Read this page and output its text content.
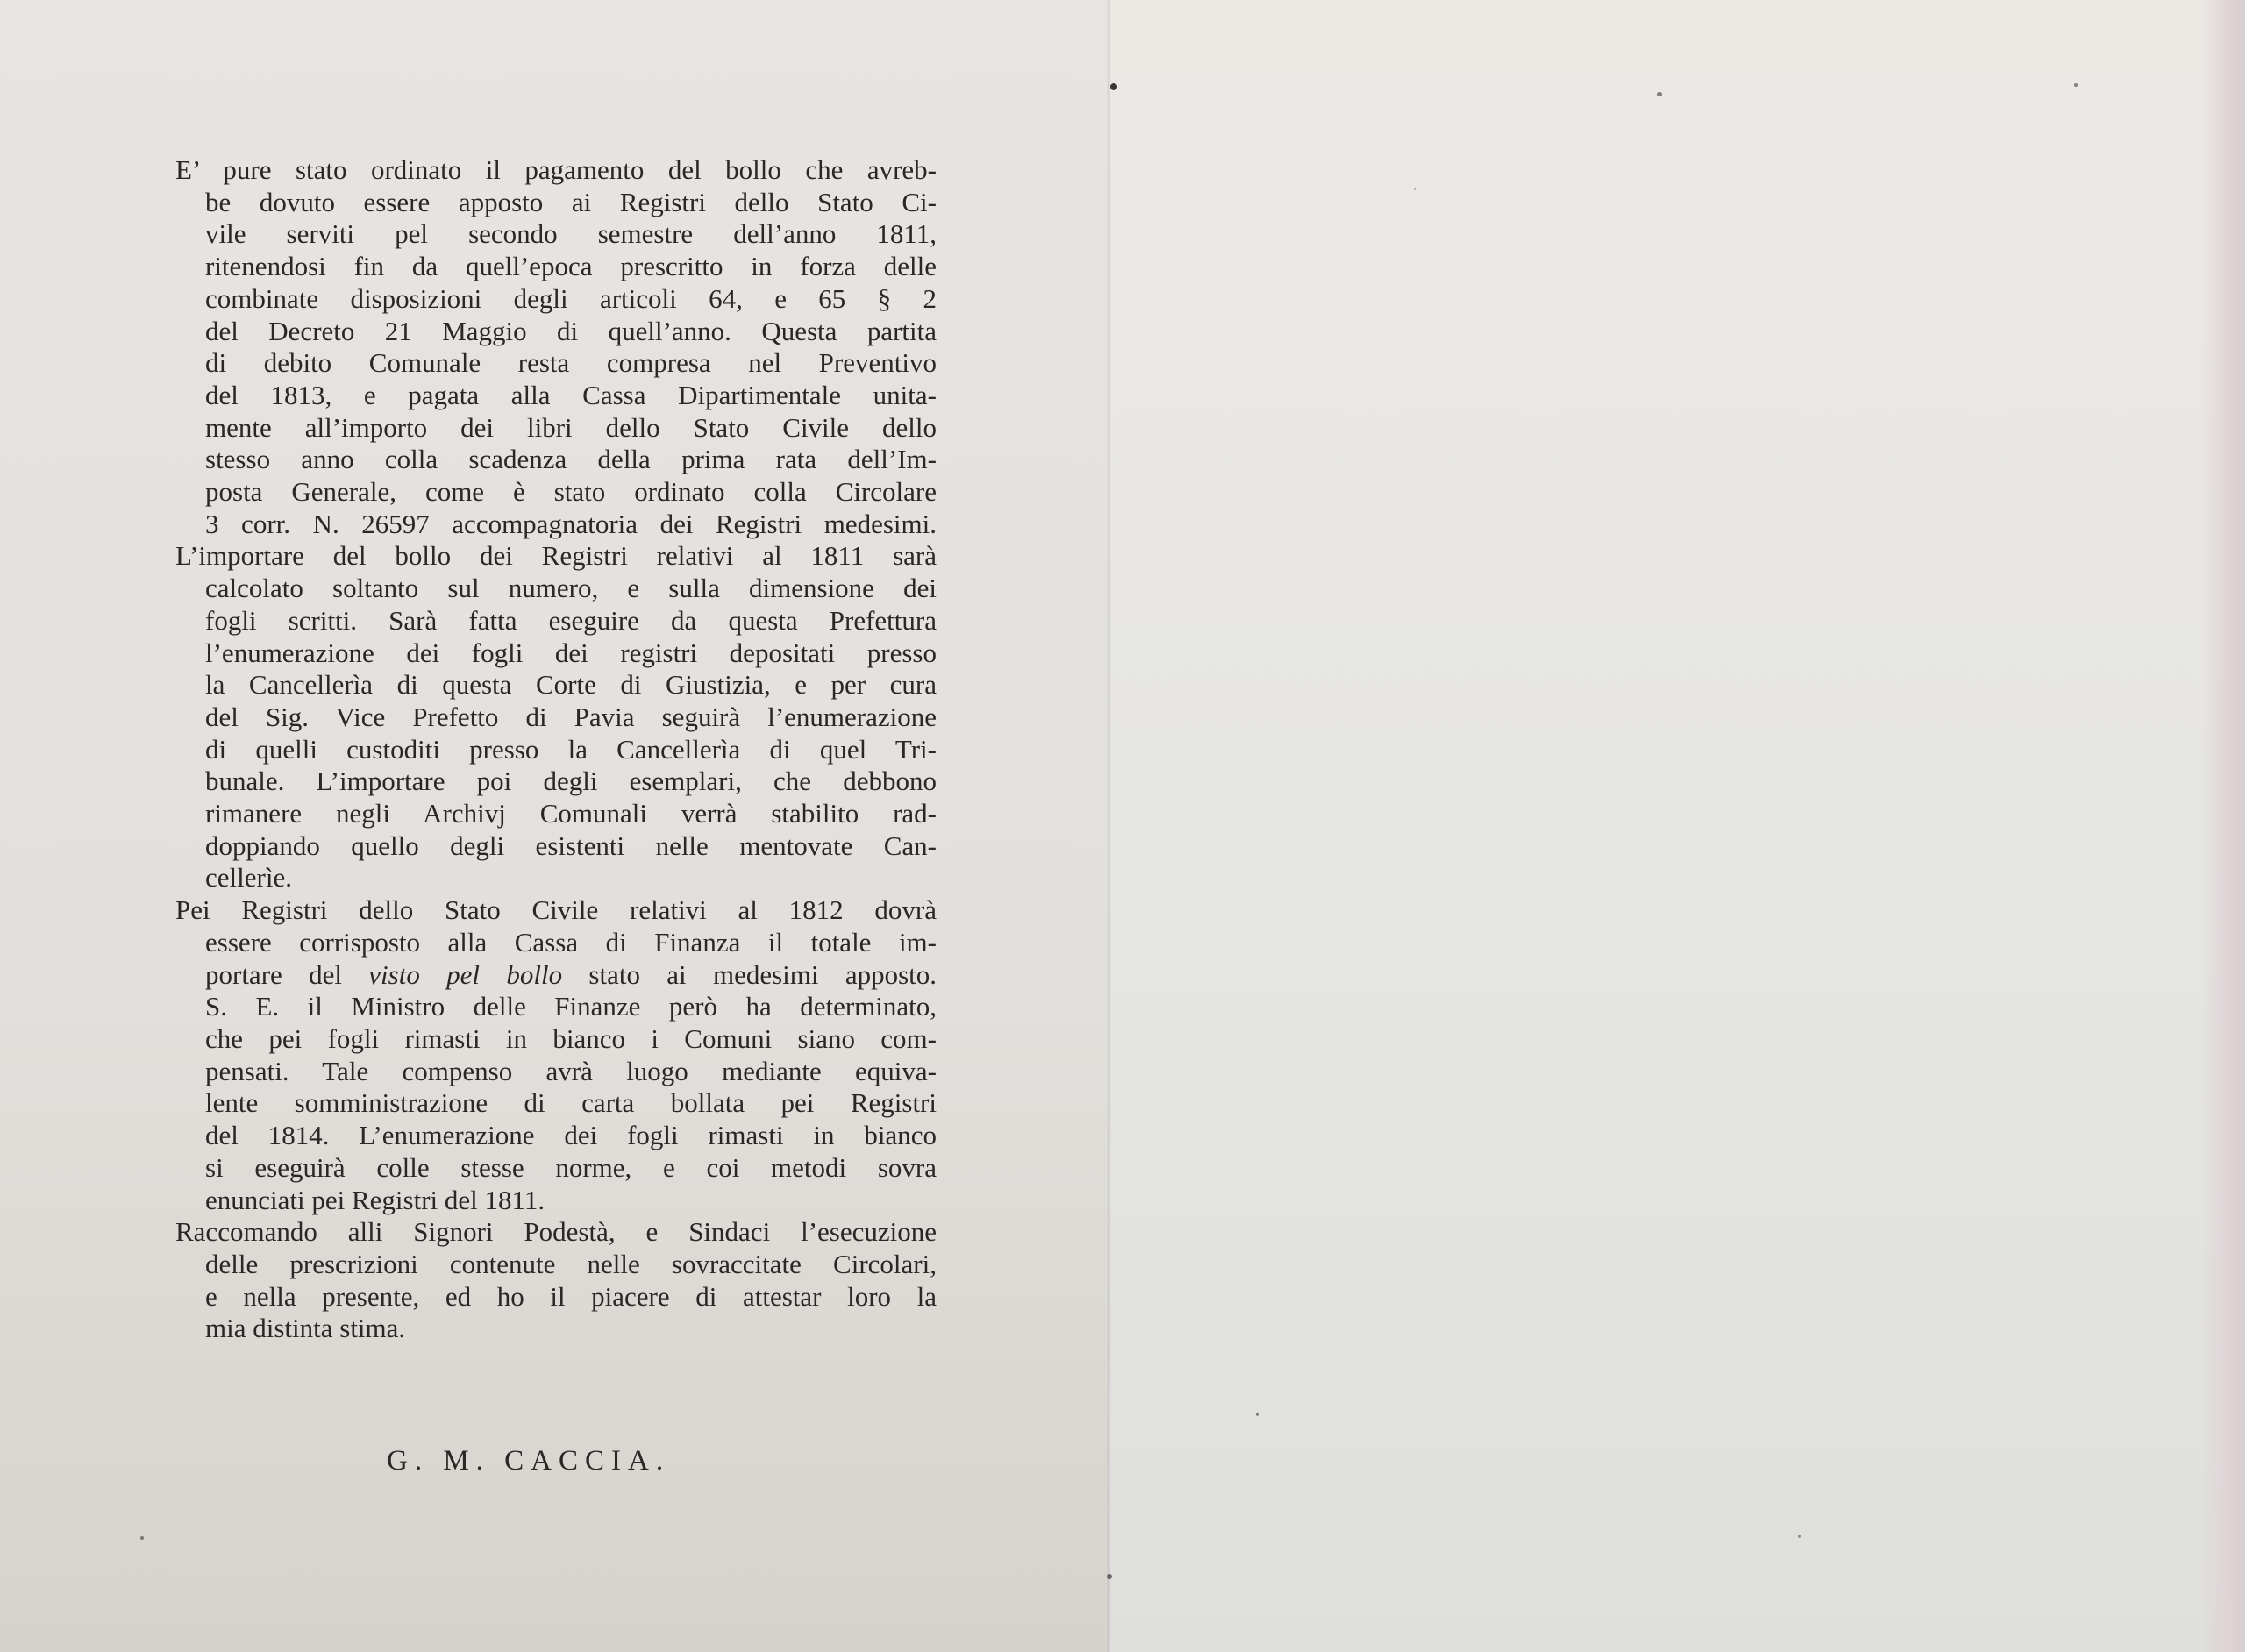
E’ pure stato ordinato il pagamento del bollo che avreb-
be dovuto essere apposto ai Registri dello Stato Ci-
vile serviti pel secondo semestre dell’anno 1811,
ritenendosi fin da quell’epoca prescritto in forza delle
combinate disposizioni degli articoli 64, e 65 § 2
del Decreto 21 Maggio di quell’anno. Questa partita
di debito Comunale resta compresa nel Preventivo
del 1813, e pagata alla Cassa Dipartimentale unita-
mente all’importo dei libri dello Stato Civile dello
stesso anno colla scadenza della prima rata dell’Im-
posta Generale, come è stato ordinato colla Circolare
3 corr. N. 26597 accompagnatoria dei Registri medesimi.
L’importare del bollo dei Registri relativi al 1811 sarà
calcolato soltanto sul numero, e sulla dimensione dei
fogli scritti. Sarà fatta eseguire da questa Prefettura
l’enumerazione dei fogli dei registri depositati presso
la Cancellerìa di questa Corte di Giustizia, e per cura
del Sig. Vice Prefetto di Pavia seguirà l’enumerazione
di quelli custoditi presso la Cancellerìa di quel Tri-
bunale. L’importare poi degli esemplari, che debbono
rimanere negli Archivj Comunali verrà stabilito rad-
doppiando quello degli esistenti nelle mentovate Can-
cellerìe.
Pei Registri dello Stato Civile relativi al 1812 dovrà
essere corrisposto alla Cassa di Finanza il totale im-
portare del visto pel bollo stato ai medesimi apposto.
S. E. il Ministro delle Finanze però ha determinato,
che pei fogli rimasti in bianco i Comuni siano com-
pensati. Tale compenso avrà luogo mediante equiva-
lente somministrazione di carta bollata pei Registri
del 1814. L’enumerazione dei fogli rimasti in bianco
si eseguirà colle stesse norme, e coi metodi sovra
enunciati pei Registri del 1811.
Raccomando alli Signori Podestà, e Sindaci l’esecuzione
delle prescrizioni contenute nelle sovraccitate Circolari,
e nella presente, ed ho il piacere di attestar loro la
mia distinta stima.
G. M. CACCIA.
